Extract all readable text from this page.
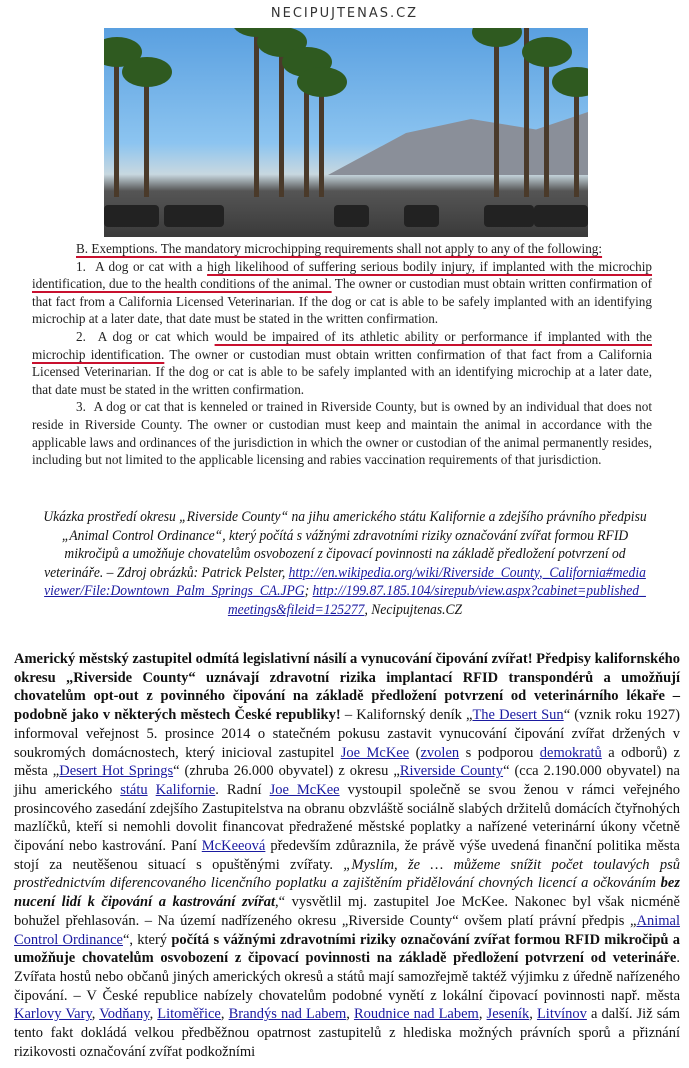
NECIPUJTENAS.CZ

B. Exemptions. The mandatory microchipping requirements shall not apply to any of the following:

1. A dog or cat with a high likelihood of suffering serious bodily injury, if implanted with the microchip identification, due to the health conditions of the animal. The owner or custodian must obtain written confirmation of that fact from a California Licensed Veterinarian. If the dog or cat is able to be safely implanted with an identifying microchip at a later date, that date must be stated in the written confirmation.

2. A dog or cat which would be impaired of its athletic ability or performance if implanted with the microchip identification. The owner or custodian must obtain written confirmation of that fact from a California Licensed Veterinarian. If the dog or cat is able to be safely implanted with an identifying microchip at a later date, that date must be stated in the written confirmation.

3. A dog or cat that is kenneled or trained in Riverside County, but is owned by an individual that does not reside in Riverside County. The owner or custodian must keep and maintain the animal in accordance with the applicable laws and ordinances of the jurisdiction in which the owner or custodian of the animal permanently resides, including but not limited to the applicable licensing and rabies vaccination requirements of that jurisdiction.

Ukázka prostředí okresu „Riverside County“ na jihu amerického státu Kalifornie a zdejšího právního předpisu „Animal Control Ordinance“, který počítá s vážnými zdravotními riziky označování zvířat formou RFID mikročipů a umožňuje chovatelům osvobození z čipovací povinnosti na základě předložení potvrzení od veterináře. – Zdroj obrázků: Patrick Pelster, http://en.wikipedia.org/wiki/Riverside_County,_California#mediaviewer/File:Downtown_Palm_Springs_CA.JPG; http://199.87.185.104/sirepub/view.aspx?cabinet=published_meetings&fileid=125277, Necipujtenas.CZ
Americký městský zastupitel odmítá legislativní násilí a vynucování čipování zvířat! Předpisy kalifornského okresu „Riverside County“ uznávají zdravotní rizika implantací RFID transpondérů a umožňují chovatelům opt-out z povinného čipování na základě předložení potvrzení od veterinárního lékaře – podobně jako v některých městech České republiky! – Kalifornský deník „The Desert Sun“ (vznik roku 1927) informoval veřejnost 5. prosince 2014 o statečném pokusu zastavit vynucování čipování zvířat držených v soukromých domácnostech, který inicioval zastupitel Joe McKee (zvolen s podporou demokratů a odborů) z města „Desert Hot Springs“ (zhruba 26.000 obyvatel) z okresu „Riverside County“ (cca 2.190.000 obyvatel) na jihu amerického státu Kalifornie. Radní Joe McKee vystoupil společně se svou ženou v rámci veřejného prosincového zasedání zdejšího Zastupitelstva na obranu obzvláště sociálně slabých držitelů domácích čtyřnohých mazlíčků, kteří si nemohli dovolit financovat předražené městské poplatky a nařízené veterinární úkony včetně čipování nebo kastrování. Paní McKeeová především zdůraznila, že právě výše uvedená finanční politika města stojí za neutěšenou situací s opuštěnými zvířaty. „Myslím, že … můžeme snížit počet toulavých psů prostřednictvím diferencovaného licenčního poplatku a zajištěním přidělování chovných licencí a očkováním bez nucení lidí k čipování a kastrování zvířat,“ vysvětlil mj. zastupitel Joe McKee. Nakonec byl však nicméně bohužel přehlasován. – Na území nadřízeného okresu „Riverside County“ ovšem platí právní předpis „Animal Control Ordinance“, který počítá s vážnými zdravotními riziky označování zvířat formou RFID mikročipů a umožňuje chovatelům osvobození z čipovací povinnosti na základě předložení potvrzení od veterináře. Zvířata hostů nebo občanů jiných amerických okresů a států mají samozřejmě taktéž výjimku z úředně nařízeného čipování. – V České republice nabízely chovatelům podobné vynětí z lokální čipovací povinnosti např. města Karlovy Vary, Vodňany, Litoměřice, Brandýs nad Labem, Roudnice nad Labem, Jeseník, Litvínov a další. Již sám tento fakt dokládá velkou předběžnou opatrnost zastupitelů z hlediska možných právních sporů a přiznání rizikovosti označování zvířat podkožními
